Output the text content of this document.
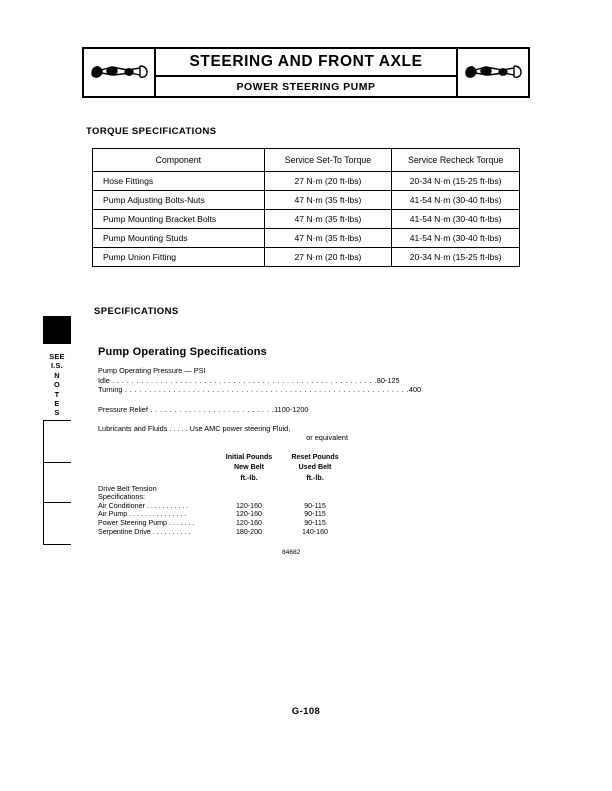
STEERING AND FRONT AXLE
POWER STEERING PUMP
TORQUE SPECIFICATIONS
Component	Service Set-To Torque	Service Recheck Torque
Hose Fittings	27 N·m (20 ft-lbs)	20-34 N·m (15-25 ft-lbs)
Pump Adjusting Bolts-Nuts	47 N·m (35 ft-lbs)	41-54 N·m (30-40 ft-lbs)
Pump Mounting Bracket Bolts	47 N·m (35 ft-lbs)	41-54 N·m (30-40 ft-lbs)
Pump Mounting Studs	47 N·m (35 ft-lbs)	41-54 N·m (30-40 ft-lbs)
Pump Union Fitting	27 N·m (20 ft-lbs)	20-34 N·m (15-25 ft-lbs)
SPECIFICATIONS
SEE
I.S.
N
O
T
E
S
Pump Operating Specifications
Pump Operating Pressure — PSI
Idle . . . . . . . . . . . . . . . . . . . . . . . . . . . . . . . . . . . . . . . . . . . . . . . . . . . . . . .80-125
Turning . . . . . . . . . . . . . . . . . . . . . . . . . . . . . . . . . . . . . . . . . . . . . . . . . . . . . . . . . . .400
Pressure Relief . . . . . . . . . . . . . . . . . . . . . . . . . .1100-1200
Lubricants and Fluids . . . . . Use AMC power steering Fluid,
or equivalent
	Initial Pounds	Reset Pounds
	New Belt	Used Belt
	ft.-lb.	ft.-lb.
Drive Belt Tension		
Specifications:		
Air Conditioner . . . . . . . . . . .	120-160	90-115
Air Pump . . . . . . . . . . . . . . .	120-160	90-115
Power Steering Pump . . . . . . .	120-160	90-115
Serpentine Drive . . . . . . . . . .	180-200	140-160
84682
G-108
